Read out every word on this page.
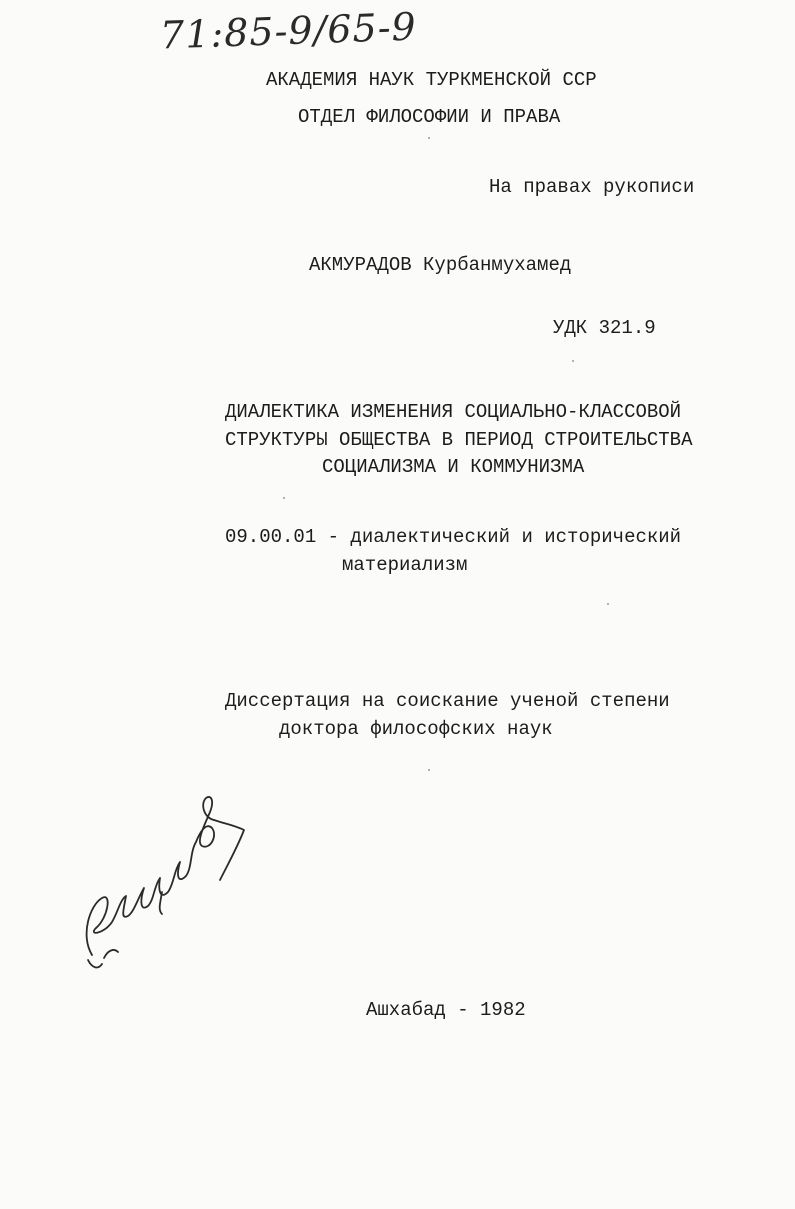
71:85-9/65-9
АКАДЕМИЯ НАУК ТУРКМЕНСКОЙ ССР
ОТДЕЛ ФИЛОСОФИИ И ПРАВА
На правах рукописи
АКМУРАДОВ Курбанмухамед
УДК 321.9
ДИАЛЕКТИКА ИЗМЕНЕНИЯ СОЦИАЛЬНО-КЛАССОВОЙ
СТРУКТУРЫ ОБЩЕСТВА В ПЕРИОД СТРОИТЕЛЬСТВА
СОЦИАЛИЗМА И КОММУНИЗМА
09.00.01 - диалектический и исторический
материализм
Диссертация на соискание ученой степени
доктора философских наук
Ашхабад - 1982
